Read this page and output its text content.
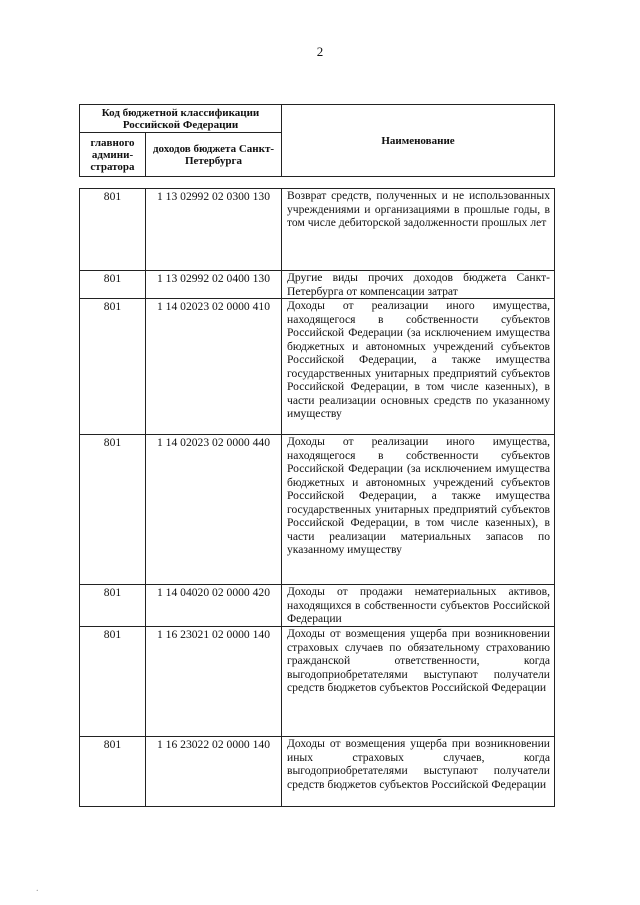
2
Код бюджетной классификации Российской Федерации		Наименование
главного админи-стратора	доходов бюджета Санкт-Петербурга	
801	1 13 02992 02 0300 130	Возврат средств, полученных и не использованных учреждениями и организациями в прошлые годы, в том числе дебиторской задолженности прошлых лет
801	1 13 02992 02 0400 130	Другие виды прочих доходов бюджета Санкт-Петербурга от компенсации затрат
801	1 14 02023 02 0000 410	Доходы от реализации иного имущества, находящегося в собственности субъектов Российской Федерации (за исключением имущества бюджетных и автономных учреждений субъектов Российской Федерации, а также имущества государственных унитарных предприятий субъектов Российской Федерации, в том числе казенных), в части реализации основных средств по указанному имуществу
801	1 14 02023 02 0000 440	Доходы от реализации иного имущества, находящегося в собственности субъектов Российской Федерации (за исключением имущества бюджетных и автономных учреждений субъектов Российской Федерации, а также имущества государственных унитарных предприятий субъектов Российской Федерации, в том числе казенных), в части реализации материальных запасов по указанному имуществу
801	1 14 04020 02 0000 420	Доходы от продажи нематериальных активов, находящихся в собственности субъектов Российской Федерации
801	1 16 23021 02 0000 140	Доходы от возмещения ущерба при возникновении страховых случаев по обязательному страхованию гражданской ответственности, когда выгодоприобретателями выступают получатели средств бюджетов субъектов Российской Федерации
801	1 16 23022 02 0000 140	Доходы от возмещения ущерба при возникновении иных страховых случаев, когда выгодоприобретателями выступают получатели средств бюджетов субъектов Российской Федерации
.
